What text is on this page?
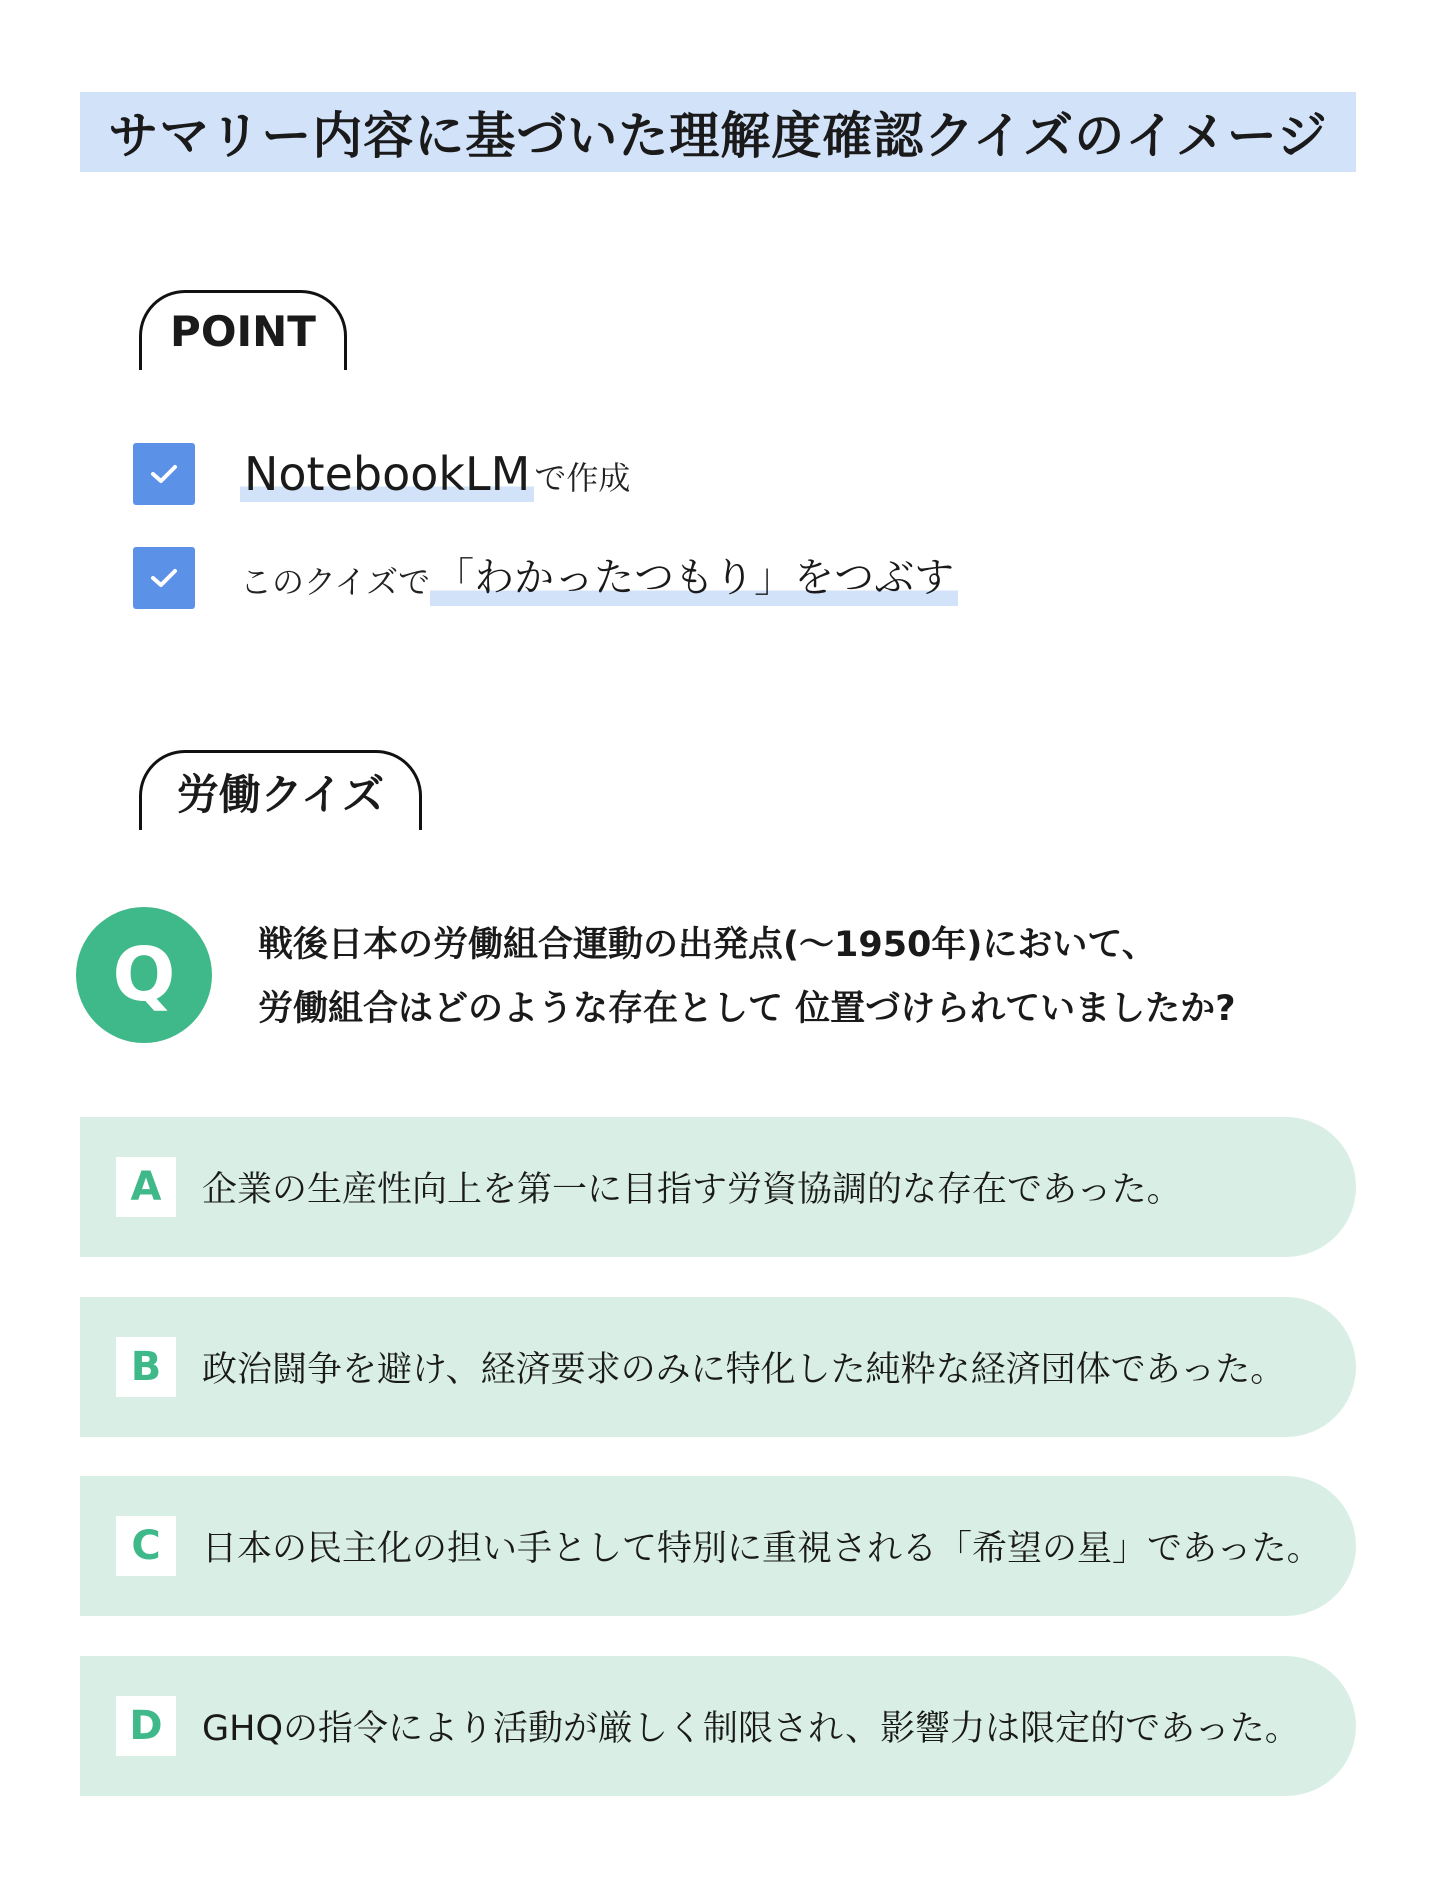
サマリー内容に基づいた理解度確認クイズのイメージ
POINT
NotebookLM で作成
このクイズで 「わかったつもり」をつぶす
労働クイズ
Q 戦後日本の労働組合運動の出発点(〜1950年)において、
労働組合はどのような存在として 位置づけられていましたか?
A 企業の生産性向上を第一に目指す労資協調的な存在であった。
B 政治闘争を避け、経済要求のみに特化した純粋な経済団体であった。
C 日本の民主化の担い手として特別に重視される「希望の星」であった。
D GHQの指令により活動が厳しく制限され、影響力は限定的であった。
